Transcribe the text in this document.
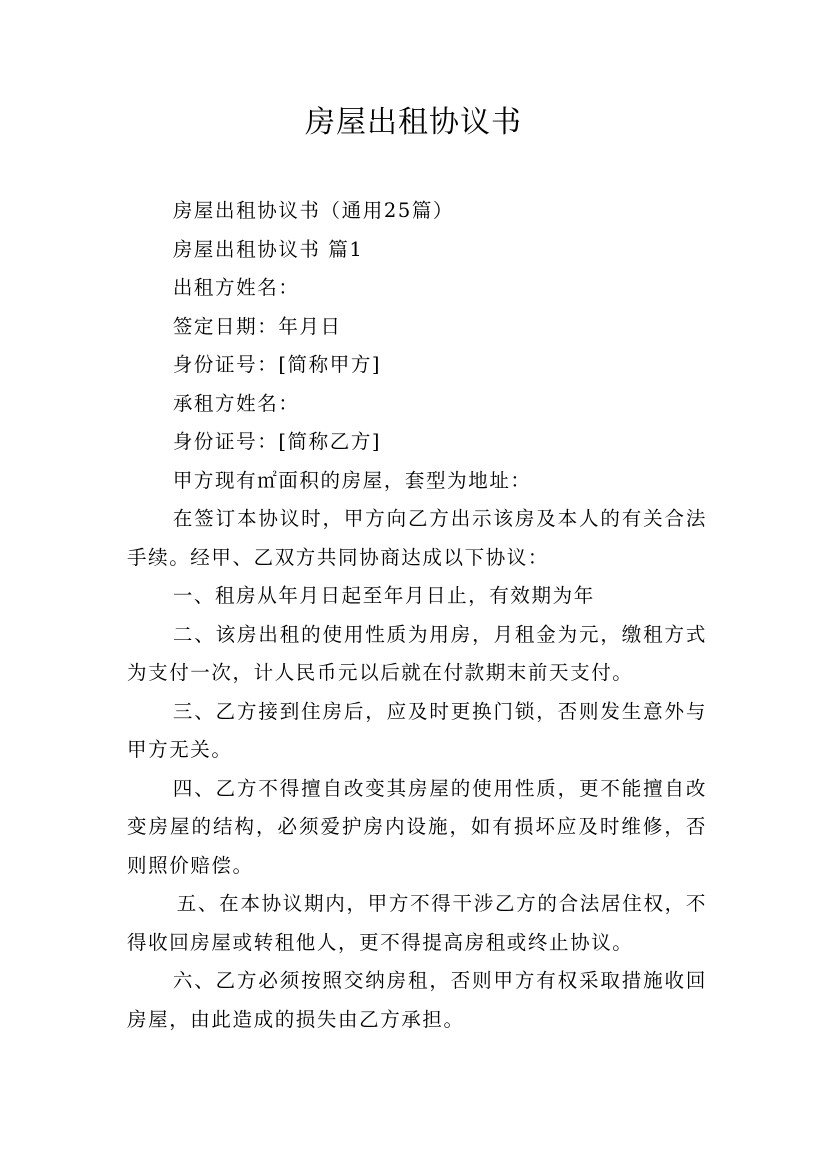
房屋出租协议书

房屋出租协议书（通用25篇）

房屋出租协议书 篇1

出租方姓名：

签定日期：年月日

身份证号：[简称甲方]

承租方姓名：

身份证号：[简称乙方]

甲方现有㎡面积的房屋，套型为地址：

在签订本协议时，甲方向乙方出示该房及本人的有关合法手续。经甲、乙双方共同协商达成以下协议：

一、租房从年月日起至年月日止，有效期为年

二、该房出租的使用性质为用房，月租金为元，缴租方式为支付一次，计人民币元以后就在付款期末前天支付。

三、乙方接到住房后，应及时更换门锁，否则发生意外与甲方无关。

四、乙方不得擅自改变其房屋的使用性质，更不能擅自改变房屋的结构，必须爱护房内设施，如有损坏应及时维修，否则照价赔偿。

五、在本协议期内，甲方不得干涉乙方的合法居住权，不得收回房屋或转租他人，更不得提高房租或终止协议。

六、乙方必须按照交纳房租，否则甲方有权采取措施收回房屋，由此造成的损失由乙方承担。
